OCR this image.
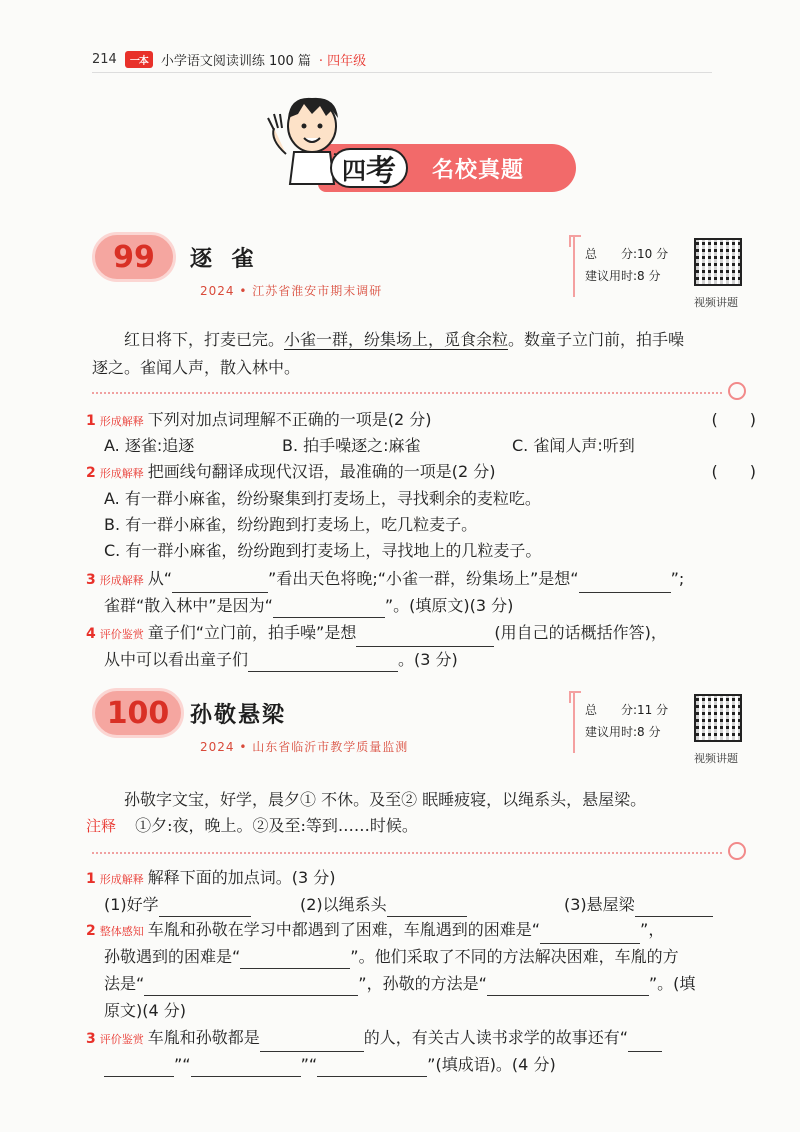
214	一本	小学语文阅读训练 100 篇 · 四年级
四 考 名校真题
99	逐 雀
2024 • 江苏省淮安市期末调研
总　　分:10 分
建议用时:8 分
视频讲题
红日将下，打麦已完。小雀一群，纷集场上，觅食余粒。数童子立门前，拍手噪
逐之。雀闻人声，散入林中。
1 形成解释 下列对加点词理解不正确的一项是(2 分)	(　　)
A. 逐雀:追逐	B. 拍手噪逐之:麻雀	C. 雀闻人声:听到
2 形成解释 把画线句翻译成现代汉语，最准确的一项是(2 分)	(　　)
A. 有一群小麻雀，纷纷聚集到打麦场上，寻找剩余的麦粒吃。
B. 有一群小麻雀，纷纷跑到打麦场上，吃几粒麦子。
C. 有一群小麻雀，纷纷跑到打麦场上，寻找地上的几粒麦子。
3 形成解释 从“	”看出天色将晚;“小雀一群，纷集场上”是想“	”;
雀群“散入林中”是因为“	”。(填原文)(3 分)
4 评价鉴赏 童子们“立门前，拍手噪”是想	(用自己的话概括作答)，
从中可以看出童子们	。(3 分)
100 孙敬悬梁
2024 • 山东省临沂市教学质量监测
总　　分:11 分
建议用时:8 分
视频讲题
孙敬字文宝，好学，晨夕① 不休。及至② 眠睡疲寝，以绳系头，悬屋梁。
注释 ①夕:夜，晚上。②及至:等到……时候。
1 形成解释 解释下面的加点词。(3 分)
(1)好学	(2)以绳系头	(3)悬屋梁
2 整体感知 车胤和孙敬在学习中都遇到了困难，车胤遇到的困难是“	”，
孙敬遇到的困难是“	”。他们采取了不同的方法解决困难，车胤的方
法是“	”，孙敬的方法是“	”。(填
原文)(4 分)
3 评价鉴赏 车胤和孙敬都是	的人，有关古人读书求学的故事还有“
”“	”“	”(填成语)。(4 分)
